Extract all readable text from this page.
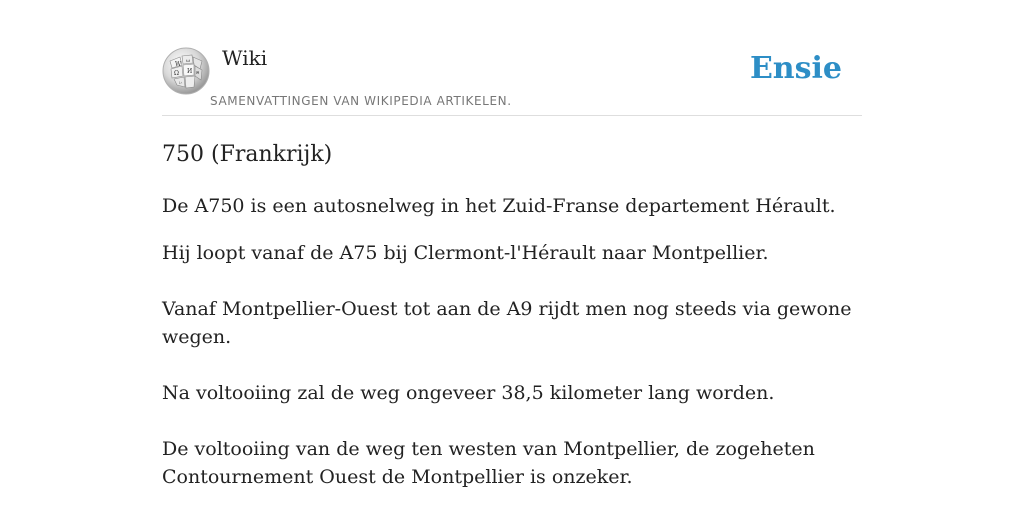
W ω
Ω И ค
ぃ
Wiki
SAMENVATTINGEN VAN WIKIPEDIA ARTIKELEN.
Ensie
750 (Frankrijk)

De A750 is een autosnelweg in het Zuid-Franse departement Hérault.

Hij loopt vanaf de A75 bij Clermont-l'Hérault naar Montpellier.

Vanaf Montpellier-Ouest tot aan de A9 rijdt men nog steeds via gewone wegen.

Na voltooiing zal de weg ongeveer 38,5 kilometer lang worden.

De voltooiing van de weg ten westen van Montpellier, de zogeheten Contournement Ouest de Montpellier is onzeker.
